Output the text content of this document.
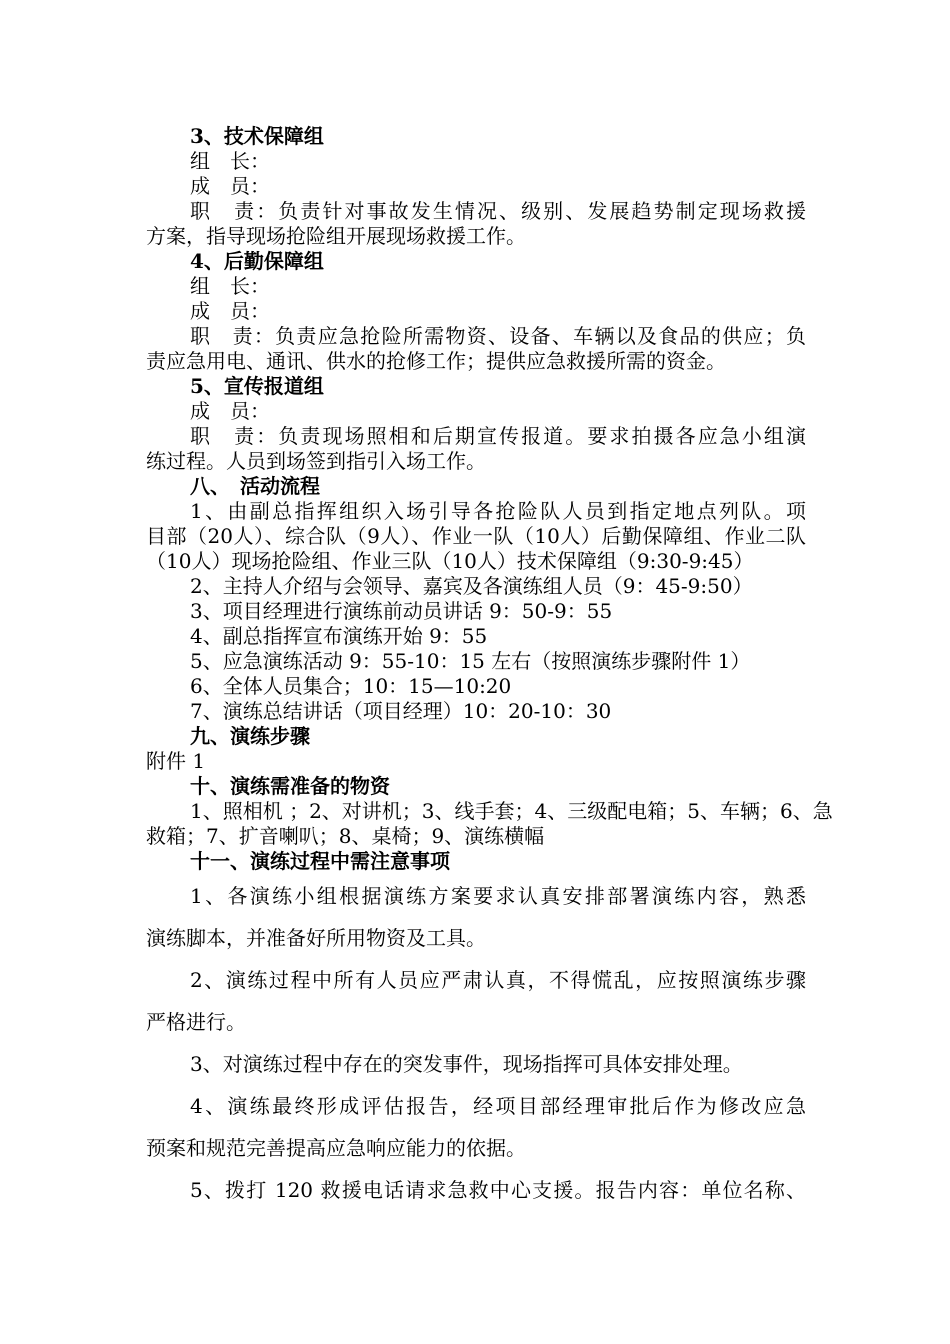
3、技术保障组
组　长：
成　员：
职　责：负责针对事故发生情况、级别、发展趋势制定现场救援
方案，指导现场抢险组开展现场救援工作。
4、后勤保障组
组　长：
成　员：
职　责：负责应急抢险所需物资、设备、车辆以及食品的供应；负
责应急用电、通讯、供水的抢修工作；提供应急救援所需的资金。
5、宣传报道组
成　员：
职　责：负责现场照相和后期宣传报道。要求拍摄各应急小组演
练过程。人员到场签到指引入场工作。
八、　活动流程
1、由副总指挥组织入场引导各抢险队人员到指定地点列队。项
目部（20人）、综合队（9人）、作业一队（10人）后勤保障组、作业二队
（10人）现场抢险组、作业三队（10人）技术保障组（9:30-9:45）
2、主持人介绍与会领导、嘉宾及各演练组人员（9：45-9:50）
3、项目经理进行演练前动员讲话 9：50-9：55
4、副总指挥宣布演练开始 9：55
5、应急演练活动 9：55-10：15 左右（按照演练步骤附件 1）
6、全体人员集合；10：15—10:20
7、演练总结讲话（项目经理）10：20-10：30
九、演练步骤
附件 1
十、演练需准备的物资
1、照相机 ；2、对讲机；3、线手套；4、三级配电箱；5、车辆；6、急
救箱；7、扩音喇叭；8、桌椅；9、演练横幅
十一、演练过程中需注意事项
1、各演练小组根据演练方案要求认真安排部署演练内容，熟悉
演练脚本，并准备好所用物资及工具。
2、演练过程中所有人员应严肃认真，不得慌乱，应按照演练步骤
严格进行。
3、对演练过程中存在的突发事件，现场指挥可具体安排处理。
4、演练最终形成评估报告，经项目部经理审批后作为修改应急
预案和规范完善提高应急响应能力的依据。
5、拨打 120 救援电话请求急救中心支援。报告内容：单位名称、
